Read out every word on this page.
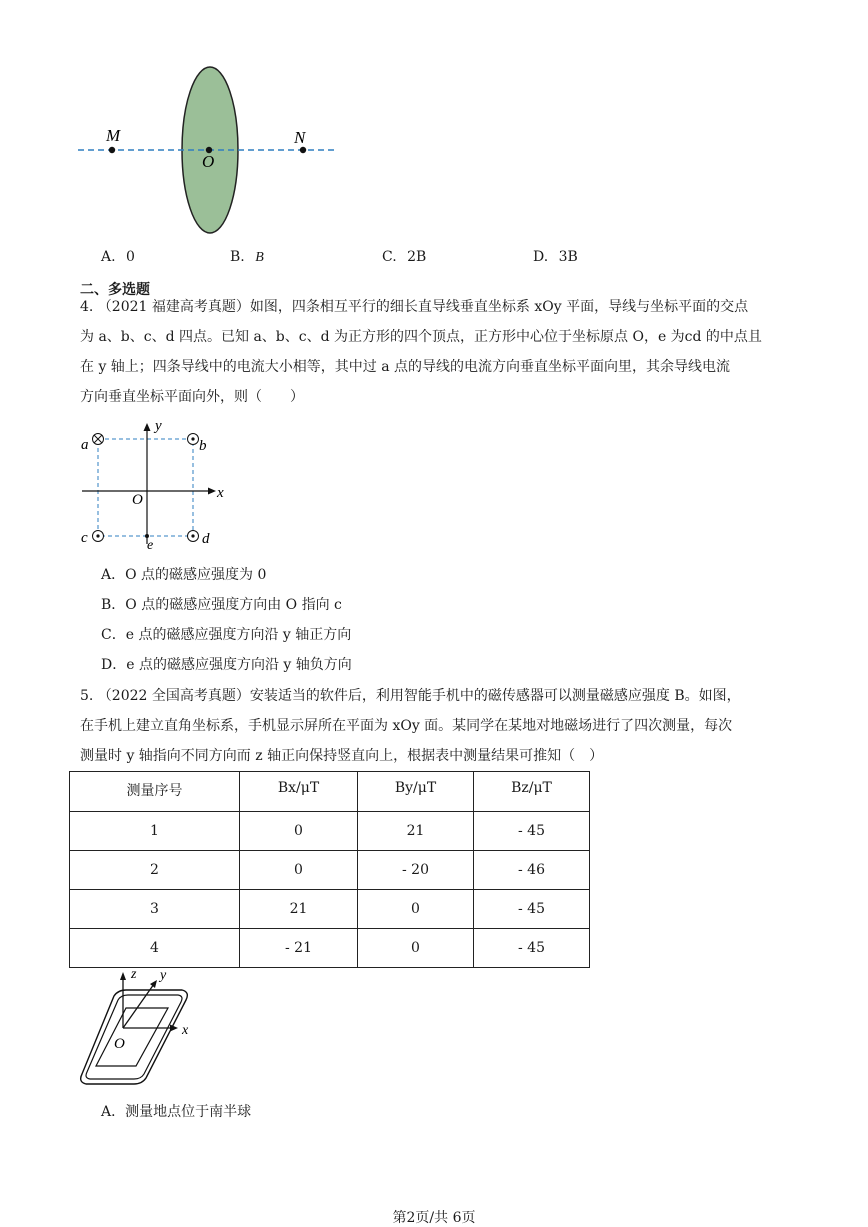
M
O
N
A. 0	B. B	C. 2B	D. 3B
二、多选题
4. （2021 福建高考真题）如图，四条相互平行的细长直导线垂直坐标系 xOy 平面，导线与坐标平面的交点
为 a、b、c、d 四点。已知 a、b、c、d 为正方形的四个顶点，正方形中心位于坐标原点 O，e 为cd 的中点且
在 y 轴上；四条导线中的电流大小相等，其中过 a 点的导线的电流方向垂直坐标平面向里，其余导线电流
方向垂直坐标平面向外，则（　　）
a	b
c	d
e
O	x
y
A．O 点的磁感应强度为 0
B．O 点的磁感应强度方向由 O 指向 c
C．e 点的磁感应强度方向沿 y 轴正方向
D．e 点的磁感应强度方向沿 y 轴负方向
5. （2022 全国高考真题）安装适当的软件后，利用智能手机中的磁传感器可以测量磁感应强度 B。如图，
在手机上建立直角坐标系，手机显示屏所在平面为 xOy 面。某同学在某地对地磁场进行了四次测量，每次
测量时 y 轴指向不同方向而 z 轴正向保持竖直向上，根据表中测量结果可推知（　）
测量序号	Bx/μT	By/μT	Bz/μT
1	0	21	- 45
2	0	- 20	- 46
3	21	0	- 45
4	- 21	0	- 45
z y
x
O
A．测量地点位于南半球
第2页/共 6页
